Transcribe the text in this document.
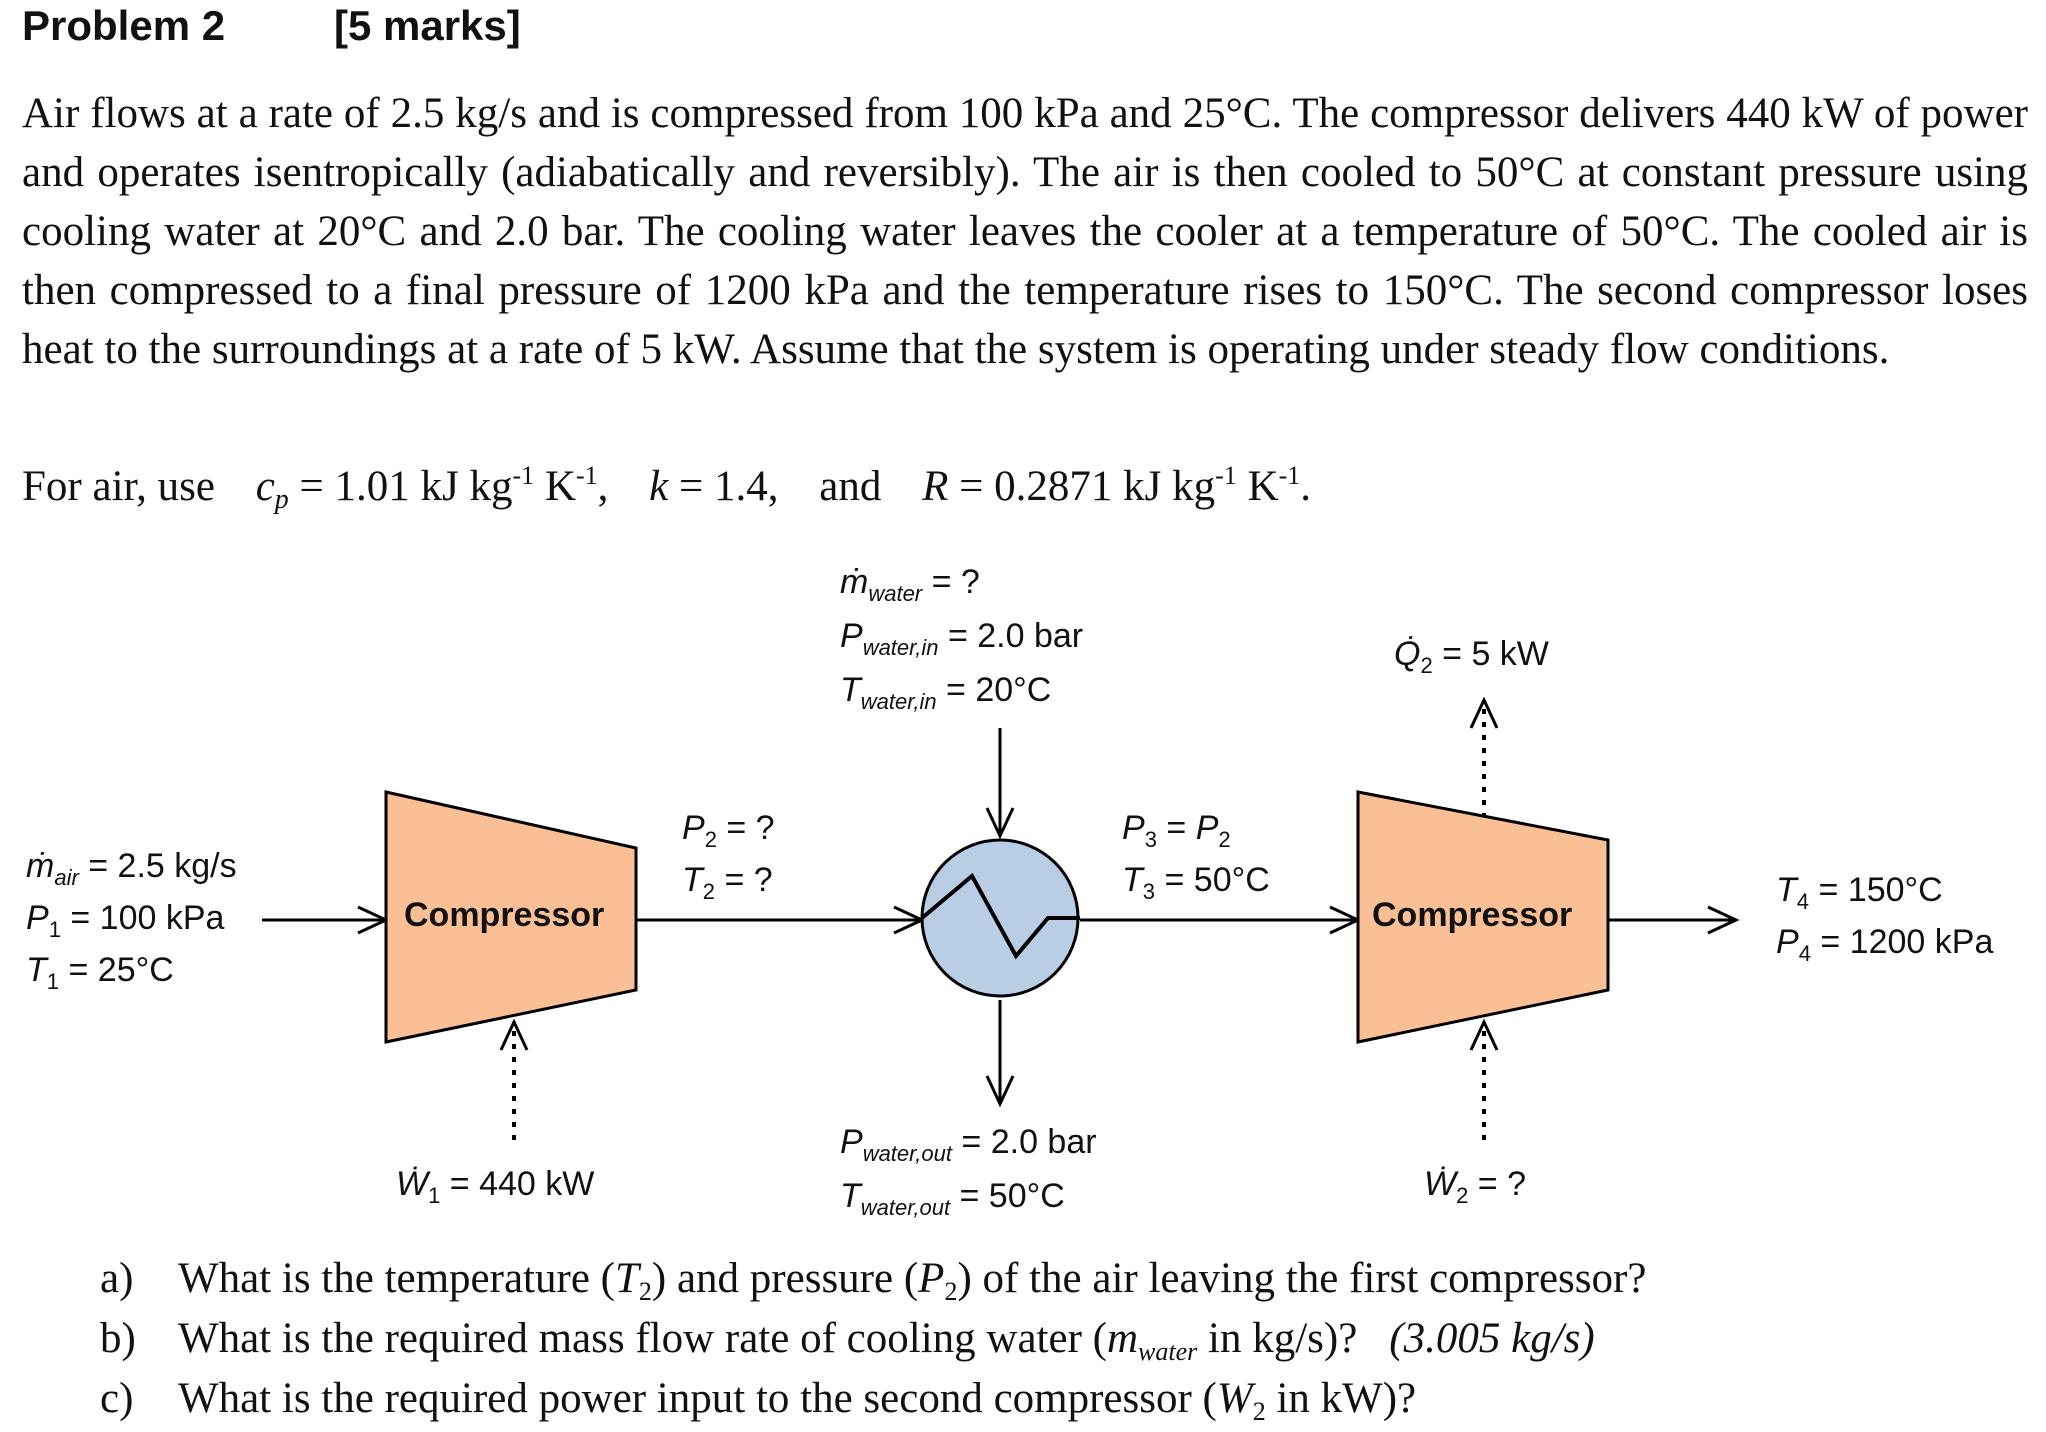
Problem 2	[5 marks]
Air flows at a rate of 2.5 kg/s and is compressed from 100 kPa and 25°C. The compressor delivers 440 kW of power and operates isentropically (adiabatically and reversibly). The air is then cooled to 50°C at constant pressure using cooling water at 20°C and 2.0 bar. The cooling water leaves the cooler at a temperature of 50°C. The cooled air is then compressed to a final pressure of 1200 kPa and the temperature rises to 150°C. The second compressor loses heat to the surroundings at a rate of 5 kW. Assume that the system is operating under steady flow conditions.
For air, use cp = 1.01 kJ $kg^{-1}$ $K^{-1}$, k = 1.4, and R = 0.2871 kJ $kg^{-1}$ $K^{-1}$.
Compressor	Compressor
ṁ$_{air}$ = 2.5 kg/s
$P_1 = 100$ kPa
$T_1 = 25^\circ C$
$P_2$ = ?
$T_2$ = ?
$P_3 = P_2$
$T_3 = 50^\circ C$	$T_4 = 150^\circ C$
$P_4 = 1200$ kPa
ṁ$_{water}$ = ?
$P_{water,in} = 2.0$ bar
$T_{water,in} = 20^\circ C$
$P_{water,out} = 2.0$ bar
$T_{water,out} = 50^\circ C$
Ẇ$_1$ = 440 kW	Ẇ$_2$ = ?
$Q̇_2 = 5$ kW
a) What is the temperature $(T_2)$ and pressure $(P_2)$ of the air leaving the first compressor?
b) What is the required mass flow rate of cooling water ($m_{water}$ in kg/s)? (3.005 kg/s)
c) What is the required power input to the second compressor ($W_2$ in kW)?
